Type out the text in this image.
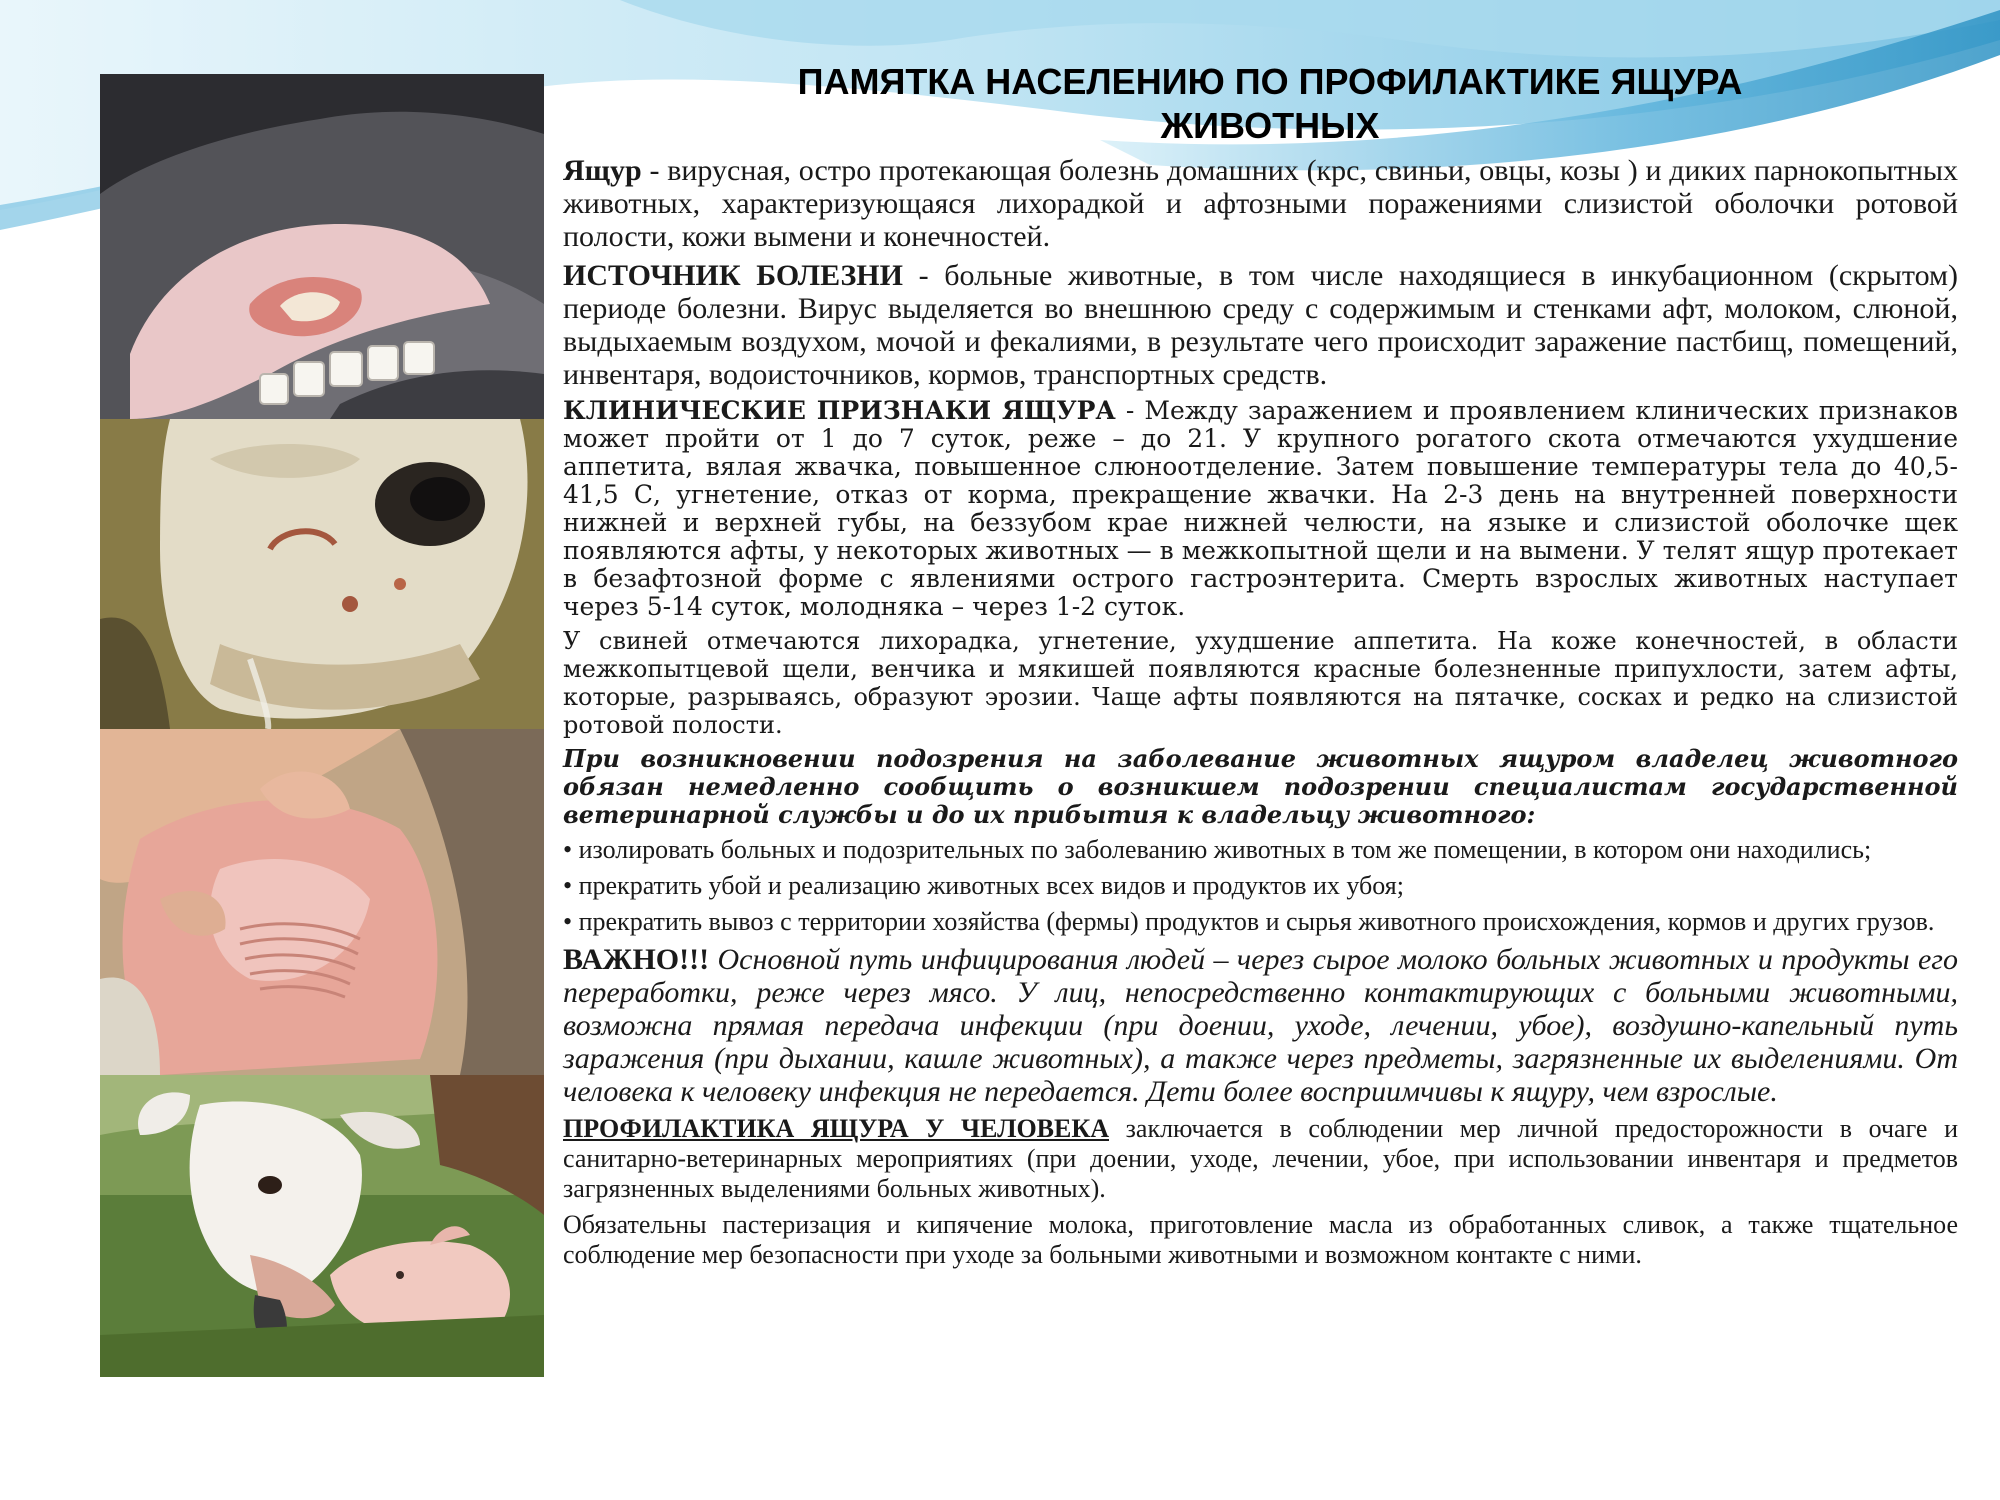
ПАМЯТКА НАСЕЛЕНИЮ ПО ПРОФИЛАКТИКЕ ЯЩУРА
ЖИВОТНЫХ

Ящур - вирусная, остро протекающая болезнь домашних (крс, свиньи, овцы, козы ) и диких парнокопытных животных, характеризующаяся лихорадкой и афтозными поражениями слизистой оболочки ротовой полости, кожи вымени и конечностей.

ИСТОЧНИК БОЛЕЗНИ - больные животные, в том числе находящиеся в инкубационном (скрытом) периоде болезни. Вирус выделяется во внешнюю среду с содержимым и стенками афт, молоком, слюной, выдыхаемым воздухом, мочой и фекалиями, в результате чего происходит заражение пастбищ, помещений, инвентаря, водоисточников, кормов, транспортных средств.

КЛИНИЧЕСКИЕ ПРИЗНАКИ ЯЩУРА - Между заражением и проявлением клинических признаков может пройти от 1 до 7 суток, реже – до 21. У крупного рогатого скота отмечаются ухудшение аппетита, вялая жвачка, повышенное слюноотделение. Затем повышение температуры тела до 40,5-41,5 С, угнетение, отказ от корма, прекращение жвачки. На 2-3 день на внутренней поверхности нижней и верхней губы, на беззубом крае нижней челюсти, на языке и слизистой оболочке щек появляются афты, у некоторых животных — в межкопытной щели и на вымени. У телят ящур протекает в безафтозной форме с явлениями острого гастроэнтерита. Смерть взрослых животных наступает через 5-14 суток, молодняка – через 1-2 суток.

У свиней отмечаются лихорадка, угнетение, ухудшение аппетита. На коже конечностей, в области межкопытцевой щели, венчика и мякишей появляются красные болезненные припухлости, затем афты, которые, разрываясь, образуют эрозии. Чаще афты появляются на пятачке, сосках и редко на слизистой ротовой полости.

При возникновении подозрения на заболевание животных ящуром владелец животного обязан немедленно сообщить о возникшем подозрении специалистам государственной ветеринарной службы и до их прибытия к владельцу животного:

• изолировать больных и подозрительных по заболеванию животных в том же помещении, в котором они находились;

• прекратить убой и реализацию животных всех видов и продуктов их убоя;

• прекратить вывоз с территории хозяйства (фермы) продуктов и сырья животного происхождения, кормов и других грузов.

ВАЖНО!!! Основной путь инфицирования людей – через сырое молоко больных животных и продукты его переработки, реже через мясо. У лиц, непосредственно контактирующих с больными животными, возможна прямая передача инфекции (при доении, уходе, лечении, убое), воздушно-капельный путь заражения (при дыхании, кашле животных), а также через предметы, загрязненные их выделениями. От человека к человеку инфекция не передается. Дети более восприимчивы к ящуру, чем взрослые.

ПРОФИЛАКТИКА ЯЩУРА У ЧЕЛОВЕКА заключается в соблюдении мер личной предосторожности в очаге и санитарно-ветеринарных мероприятиях (при доении, уходе, лечении, убое, при использовании инвентаря и предметов загрязненных выделениями больных животных).

Обязательны пастеризация и кипячение молока, приготовление масла из обработанных сливок, а также тщательное соблюдение мер безопасности при уходе за больными животными и возможном контакте с ними.
